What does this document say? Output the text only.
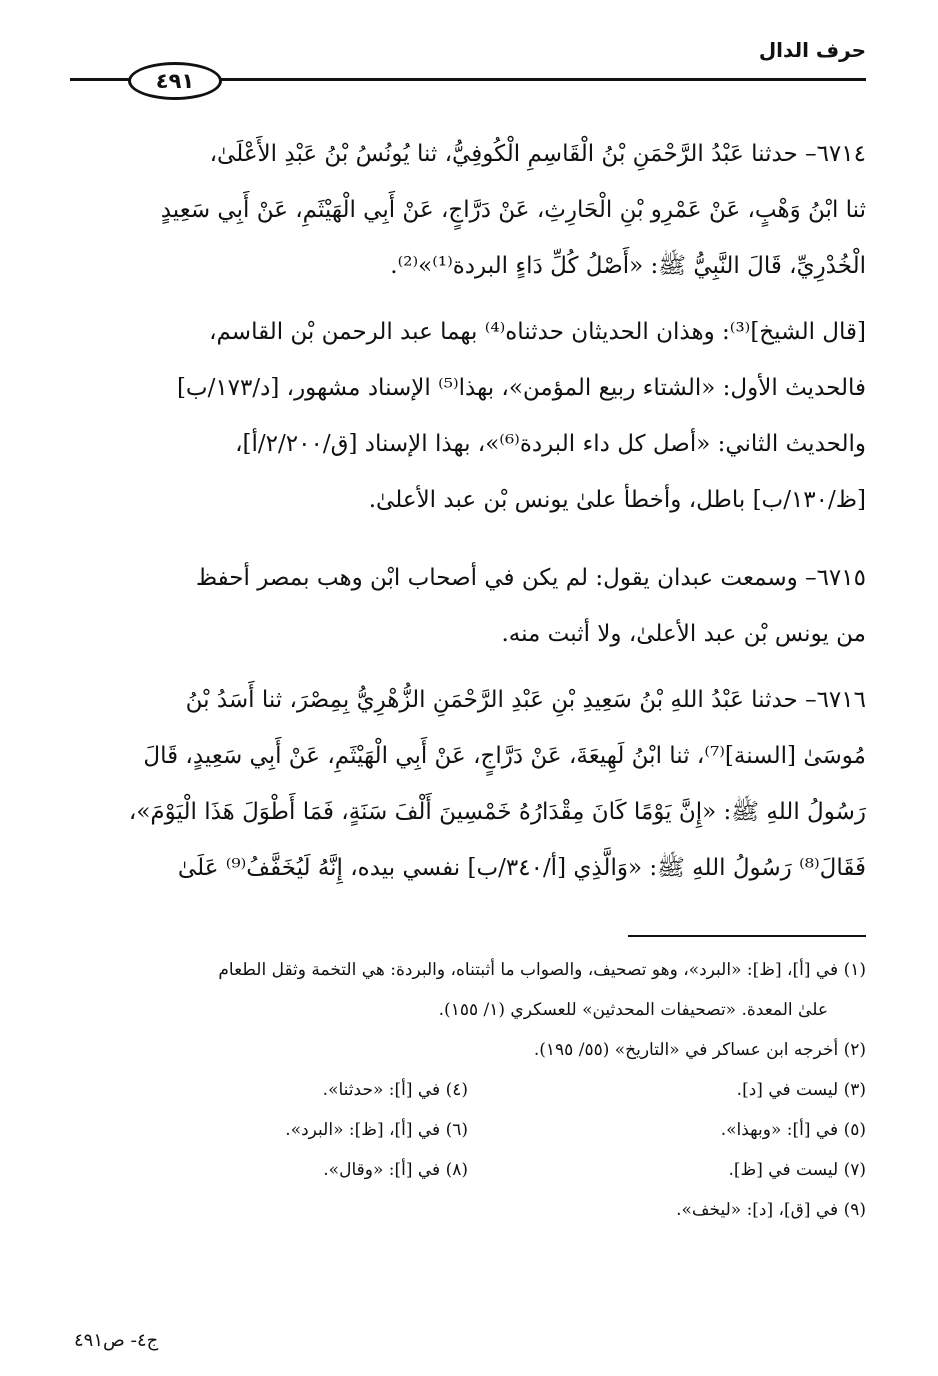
حرف الدال
٤٩١

٦٧١٤– حدثنا عَبْدُ الرَّحْمَنِ بْنُ الْقَاسِمِ الْكُوفِيُّ، ثنا يُونُسُ بْنُ عَبْدِ الأَعْلَىٰ،

ثنا ابْنُ وَهْبٍ، عَنْ عَمْرِو بْنِ الْحَارِثِ، عَنْ دَرَّاجٍ، عَنْ أَبِي الْهَيْثَمِ، عَنْ أَبِي سَعِيدٍ

الْخُدْرِيِّ، قَالَ النَّبِيُّ ﷺ: «أَصْلُ كُلِّ دَاءٍ البردة⁽¹⁾»⁽²⁾.

[قال الشيخ]⁽³⁾: وهذان الحديثان حدثناه⁽⁴⁾ بهما عبد الرحمن بْن القاسم،

فالحديث الأول: «الشتاء ربيع المؤمن»، بهذا⁽⁵⁾ الإسناد مشهور، [د/١٧٣/ب]

والحديث الثاني: «أصل كل داء البردة⁽⁶⁾»، بهذا الإسناد [ق/٢/٢٠٠/أ]،

[ظ/١٣٠/ب] باطل، وأخطأ علىٰ يونس بْن عبد الأعلىٰ.

٦٧١٥– وسمعت عبدان يقول: لم يكن في أصحاب ابْن وهب بمصر أحفظ

من يونس بْن عبد الأعلىٰ، ولا أثبت منه.

٦٧١٦– حدثنا عَبْدُ اللهِ بْنُ سَعِيدِ بْنِ عَبْدِ الرَّحْمَنِ الزُّهْرِيُّ بِمِصْرَ، ثنا أَسَدُ بْنُ

مُوسَىٰ [السنة]⁽⁷⁾، ثنا ابْنُ لَهِيعَةَ، عَنْ دَرَّاجٍ، عَنْ أَبِي الْهَيْثَمِ، عَنْ أَبِي سَعِيدٍ، قَالَ

رَسُولُ اللهِ ﷺ: «إِنَّ يَوْمًا كَانَ مِقْدَارُهُ خَمْسِينَ أَلْفَ سَنَةٍ، فَمَا أَطْوَلَ هَذَا الْيَوْمَ»،

فَقَالَ⁽⁸⁾ رَسُولُ اللهِ ﷺ: «وَالَّذِي [أ/٣٤٠/ب] نفسي بيده، إِنَّهُ لَيُخَفَّفُ⁽⁹⁾ عَلَىٰ

(١) في [أ]، [ظ]: «البرد»، وهو تصحيف، والصواب ما أثبتناه، والبردة: هي التخمة وثقل الطعام
علىٰ المعدة. «تصحيفات المحدثين» للعسكري (١/ ١٥٥).
(٢) أخرجه ابن عساكر في «التاريخ» (٥٥/ ١٩٥).
(٣) ليست في [د].
(٤) في [أ]: «حدثنا».
(٥) في [أ]: «وبهذا».
(٦) في [أ]، [ظ]: «البرد».
(٧) ليست في [ظ].
(٨) في [أ]: «وقال».
(٩) في [ق]، [د]: «ليخف».
ج٤- ص٤٩١
